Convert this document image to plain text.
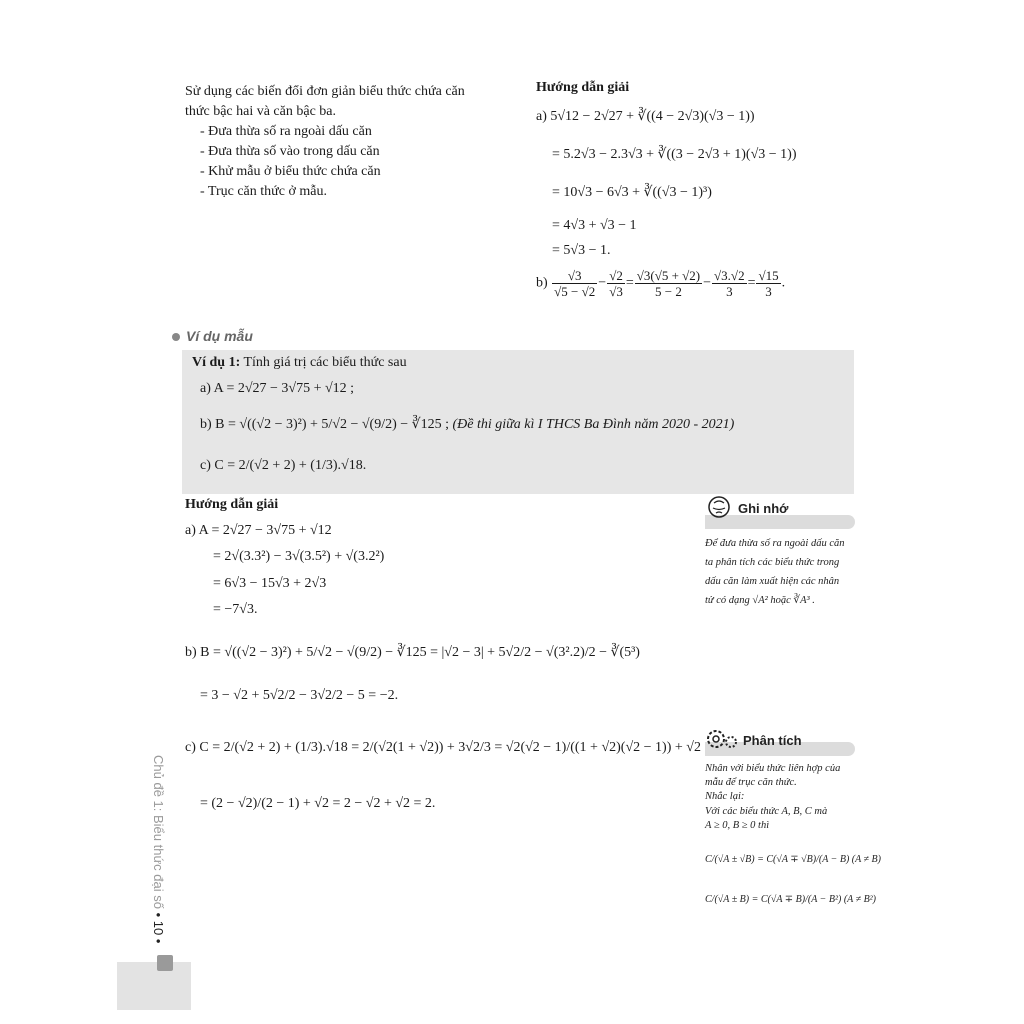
Sử dụng các biến đổi đơn giản biểu thức chứa căn

thức bậc hai và căn bậc ba.

- Đưa thừa số ra ngoài dấu căn
- Đưa thừa số vào trong dấu căn
- Khử mẫu ở biểu thức chứa căn
- Trục căn thức ở mẫu.
Hướng dẫn giải
a) 5√12 − 2√27 + ∛((4 − 2√3)(√3 − 1))
= 5.2√3 − 2.3√3 + ∛((3 − 2√3 + 1)(√3 − 1))
= 10√3 − 6√3 + ∛((√3 − 1)³)
= 4√3 + √3 − 1
= 5√3 − 1.
$b) \frac{√3}{√5 - √2} - \frac{√2}{√3} = \frac{√3(√5 + √2)}{5 - 2} - \frac{√3.√2}{3} = \frac{√15}{3}$ .
Ví dụ mẫu
Ví dụ 1: Tính giá trị các biểu thức sau
a) A = 2√27 − 3√75 + √12 ;
b) B = √((√2 − 3)²) + 5/√2 − √(9/2) − ∛125 ; (Đề thi giữa kì I THCS Ba Đình năm 2020 - 2021)
c) C = 2/(√2 + 2) + (1/3).√18.
Hướng dẫn giải
a) A = 2√27 − 3√75 + √12
= 2√(3.3²) − 3√(3.5²) + √(3.2²)
= 6√3 − 15√3 + 2√3
= −7√3.
b) B = √((√2 − 3)²) + 5/√2 − √(9/2) − ∛125 = |√2 − 3| + 5√2/2 − √(3².2)/2 − ∛(5³)
= 3 − √2 + 5√2/2 − 3√2/2 − 5 = −2.
c) C = 2/(√2 + 2) + (1/3).√18 = 2/(√2(1 + √2)) + 3√2/3 = √2(√2 − 1)/((1 + √2)(√2 − 1)) + √2
= (2 − √2)/(2 − 1) + √2 = 2 − √2 + √2 = 2.
Ghi nhớ
Để đưa thừa số ra ngoài dấu căn
ta phân tích các biểu thức trong
dấu căn làm xuất hiện các nhân
tử có dạng √A² hoặc ∛A³ .
Phân tích
Nhân với biểu thức liên hợp của
mẫu để trục căn thức.
Nhắc lại:
Với các biểu thức A, B, C mà
A ≥ 0, B ≥ 0 thì
C/(√A ± √B) = C(√A ∓ √B)/(A − B) (A ≠ B)
C/(√A ± B) = C(√A ∓ B)/(A − B²) (A ≠ B²)
Chủ đề 1: Biểu thức đại số • 10 •
